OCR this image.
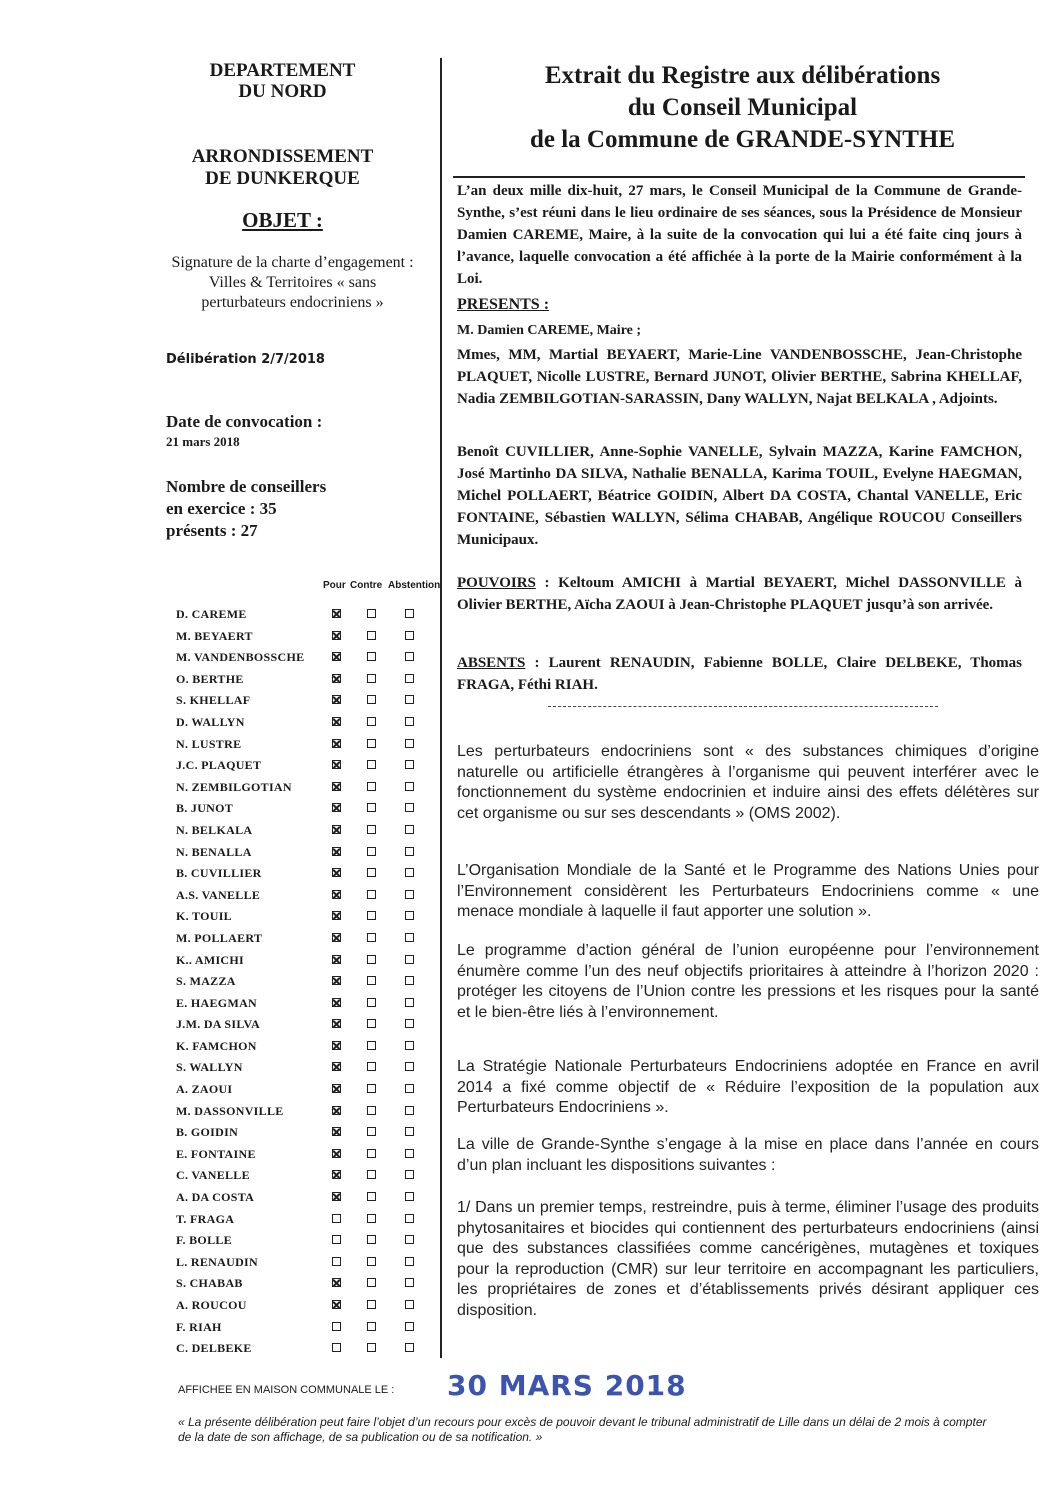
DEPARTEMENT
DU NORD
ARRONDISSEMENT
DE DUNKERQUE
OBJET :
Signature de la charte d’engagement :
Villes & Territoires « sans
perturbateurs endocriniens »
Délibération 2/7/2018
Date de convocation :
21 mars 2018
Nombre de conseillers
en exercice : 35
présents : 27
Pour Contre Abstention
D. CAREME
M. BEYAERT
M. VANDENBOSSCHE
O. BERTHE
S. KHELLAF
D. WALLYN
N. LUSTRE
J.C. PLAQUET
N. ZEMBILGOTIAN
B. JUNOT
N. BELKALA
N. BENALLA
B. CUVILLIER
A.S. VANELLE
K. TOUIL
M. POLLAERT
K.. AMICHI
S. MAZZA
E. HAEGMAN
J.M. DA SILVA
K. FAMCHON
S. WALLYN
A. ZAOUI
M. DASSONVILLE
B. GOIDIN
E. FONTAINE
C. VANELLE
A. DA COSTA
T. FRAGA
F. BOLLE
L. RENAUDIN
S. CHABAB
A. ROUCOU
F. RIAH
C. DELBEKE
Extrait du Registre aux délibérations
du Conseil Municipal
de la Commune de GRANDE-SYNTHE
L’an deux mille dix-huit, 27 mars, le Conseil Municipal de la Commune de Grande-Synthe, s’est réuni dans le lieu ordinaire de ses séances, sous la Présidence de Monsieur Damien CAREME, Maire, à la suite de la convocation qui lui a été faite cinq jours à l’avance, laquelle convocation a été affichée à la porte de la Mairie conformément à la Loi.
PRESENTS :
M. Damien CAREME, Maire ;
Mmes, MM, Martial BEYAERT, Marie-Line VANDENBOSSCHE, Jean-Christophe PLAQUET, Nicolle LUSTRE, Bernard JUNOT, Olivier BERTHE, Sabrina KHELLAF, Nadia ZEMBILGOTIAN-SARASSIN, Dany WALLYN, Najat BELKALA , Adjoints.
Benoît CUVILLIER, Anne-Sophie VANELLE, Sylvain MAZZA, Karine FAMCHON, José Martinho DA SILVA, Nathalie BENALLA, Karima TOUIL, Evelyne HAEGMAN, Michel POLLAERT, Béatrice GOIDIN, Albert DA COSTA, Chantal VANELLE, Eric FONTAINE, Sébastien WALLYN, Sélima CHABAB, Angélique ROUCOU Conseillers Municipaux.
POUVOIRS : Keltoum AMICHI à Martial BEYAERT, Michel DASSONVILLE à Olivier BERTHE, Aïcha ZAOUI à Jean-Christophe PLAQUET jusqu’à son arrivée.
ABSENTS : Laurent RENAUDIN, Fabienne BOLLE, Claire DELBEKE, Thomas FRAGA, Féthi RIAH.
Les perturbateurs endocriniens sont « des substances chimiques d’origine naturelle ou artificielle étrangères à l’organisme qui peuvent interférer avec le fonctionnement du système endocrinien et induire ainsi des effets délétères sur cet organisme ou sur ses descendants » (OMS 2002).
L’Organisation Mondiale de la Santé et le Programme des Nations Unies pour l’Environnement considèrent les Perturbateurs Endocriniens comme « une menace mondiale à laquelle il faut apporter une solution ».
Le programme d’action général de l’union européenne pour l’environnement énumère comme l’un des neuf objectifs prioritaires à atteindre à l’horizon 2020 : protéger les citoyens de l’Union contre les pressions et les risques pour la santé et le bien-être liés à l’environnement.
La Stratégie Nationale Perturbateurs Endocriniens adoptée en France en avril 2014 a fixé comme objectif de « Réduire l’exposition de la population aux Perturbateurs Endocriniens ».
La ville de Grande-Synthe s’engage à la mise en place dans l’année en cours d’un plan incluant les dispositions suivantes :
1/ Dans un premier temps, restreindre, puis à terme, éliminer l’usage des produits phytosanitaires et biocides qui contiennent des perturbateurs endocriniens (ainsi que des substances classifiées comme cancérigènes, mutagènes et toxiques pour la reproduction (CMR) sur leur territoire en accompagnant les particuliers, les propriétaires de zones et d’établissements privés désirant appliquer ces disposition.
AFFICHEE EN MAISON COMMUNALE LE : 30 MARS 2018
« La présente délibération peut faire l’objet d’un recours pour excès de pouvoir devant le tribunal administratif de Lille dans un délai de 2 mois à compter de la date de son affichage, de sa publication ou de sa notification. »
